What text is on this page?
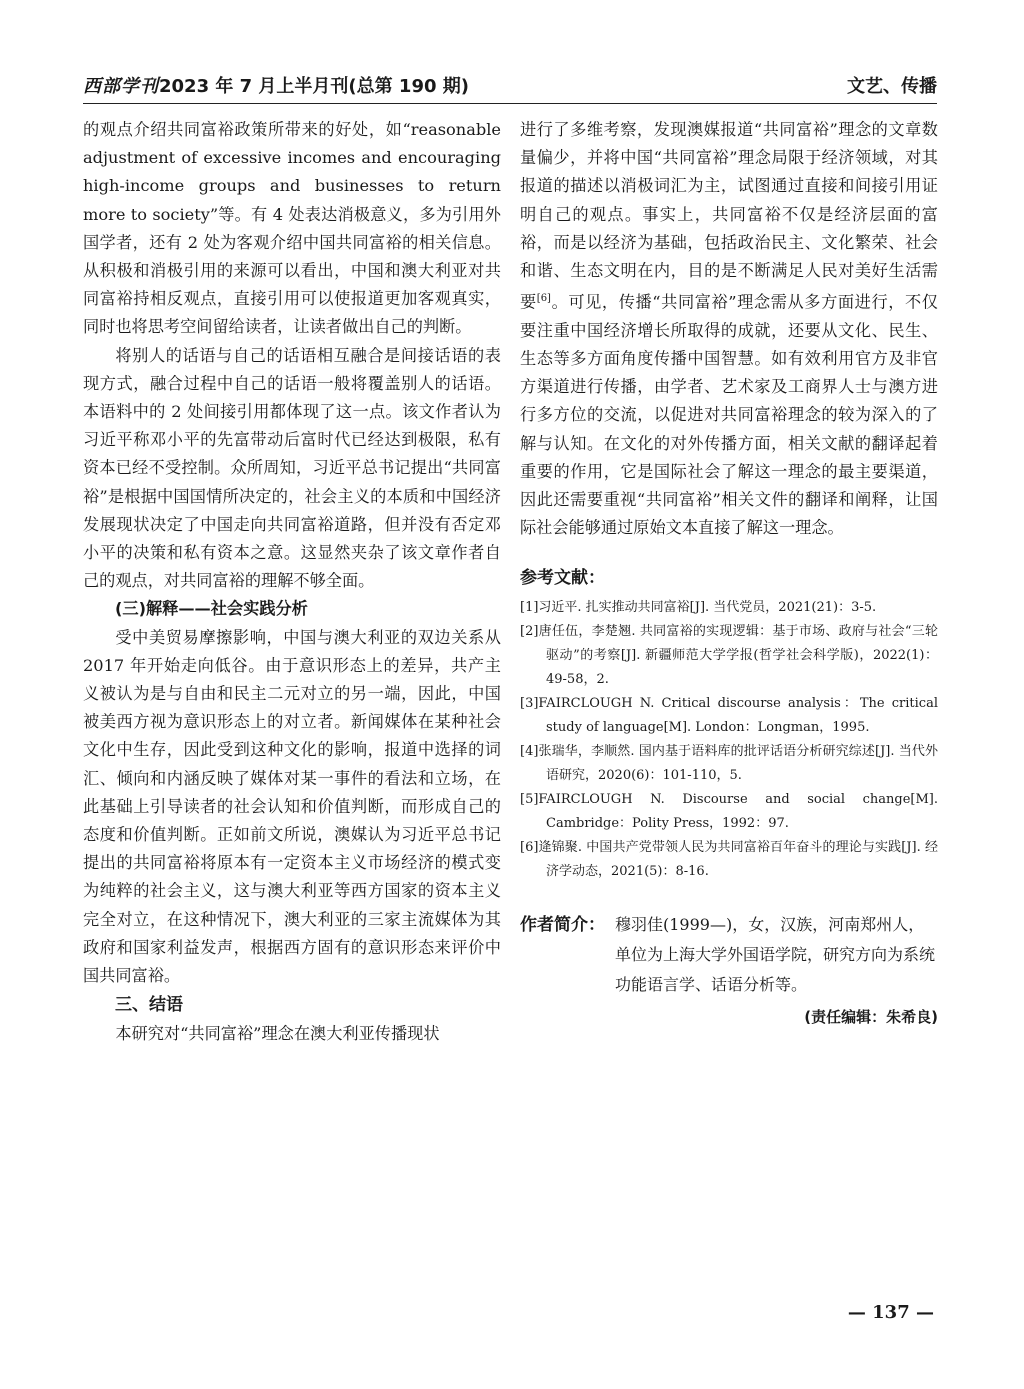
西部学刊2023 年 7 月上半月刊(总第 190 期)	文艺、传播

的观点介绍共同富裕政策所带来的好处，如“reasonable adjustment of excessive incomes and encouraging high-income groups and businesses to return more to society”等。有 4 处表达消极意义，多为引用外国学者，还有 2 处为客观介绍中国共同富裕的相关信息。从积极和消极引用的来源可以看出，中国和澳大利亚对共同富裕持相反观点，直接引用可以使报道更加客观真实，同时也将思考空间留给读者，让读者做出自己的判断。

将别人的话语与自己的话语相互融合是间接话语的表现方式，融合过程中自己的话语一般将覆盖别人的话语。本语料中的 2 处间接引用都体现了这一点。该文作者认为习近平称邓小平的先富带动后富时代已经达到极限，私有资本已经不受控制。众所周知，习近平总书记提出“共同富裕”是根据中国国情所决定的，社会主义的本质和中国经济发展现状决定了中国走向共同富裕道路，但并没有否定邓小平的决策和私有资本之意。这显然夹杂了该文章作者自己的观点，对共同富裕的理解不够全面。

(三)解释——社会实践分析

受中美贸易摩擦影响，中国与澳大利亚的双边关系从 2017 年开始走向低谷。由于意识形态上的差异，共产主义被认为是与自由和民主二元对立的另一端，因此，中国被美西方视为意识形态上的对立者。新闻媒体在某种社会文化中生存，因此受到这种文化的影响，报道中选择的词汇、倾向和内涵反映了媒体对某一事件的看法和立场，在此基础上引导读者的社会认知和价值判断，而形成自己的态度和价值判断。正如前文所说，澳媒认为习近平总书记提出的共同富裕将原本有一定资本主义市场经济的模式变为纯粹的社会主义，这与澳大利亚等西方国家的资本主义完全对立，在这种情况下，澳大利亚的三家主流媒体为其政府和国家利益发声，根据西方固有的意识形态来评价中国共同富裕。

三、结语

本研究对“共同富裕”理念在澳大利亚传播现状

进行了多维考察，发现澳媒报道“共同富裕”理念的文章数量偏少，并将中国“共同富裕”理念局限于经济领域，对其报道的描述以消极词汇为主，试图通过直接和间接引用证明自己的观点。事实上，共同富裕不仅是经济层面的富裕，而是以经济为基础，包括政治民主、文化繁荣、社会和谐、生态文明在内，目的是不断满足人民对美好生活需要[6]。可见，传播“共同富裕”理念需从多方面进行，不仅要注重中国经济增长所取得的成就，还要从文化、民生、生态等多方面角度传播中国智慧。如有效利用官方及非官方渠道进行传播，由学者、艺术家及工商界人士与澳方进行多方位的交流，以促进对共同富裕理念的较为深入的了解与认知。在文化的对外传播方面，相关文献的翻译起着重要的作用，它是国际社会了解这一理念的最主要渠道，因此还需要重视“共同富裕”相关文件的翻译和阐释，让国际社会能够通过原始文本直接了解这一理念。

参考文献：
[1]习近平. 扎实推动共同富裕[J]. 当代党员，2021(21)：3-5.
[2]唐任伍，李楚翘. 共同富裕的实现逻辑：基于市场、政府与社会“三轮驱动”的考察[J]. 新疆师范大学学报(哲学社会科学版)，2022(1)：49-58，2.
[3]FAIRCLOUGH N. Critical discourse analysis：The critical study of language[M]. London：Longman，1995.
[4]张瑞华，李顺然. 国内基于语料库的批评话语分析研究综述[J]. 当代外语研究，2020(6)：101-110，5.
[5]FAIRCLOUGH N. Discourse and social change[M]. Cambridge：Polity Press，1992：97.
[6]逄锦聚. 中国共产党带领人民为共同富裕百年奋斗的理论与实践[J]. 经济学动态，2021(5)：8-16.
作者简介： 穆羽佳(1999—)，女，汉族，河南郑州人，单位为上海大学外国语学院，研究方向为系统功能语言学、话语分析等。
(责任编辑：朱希良)
— 137 —
